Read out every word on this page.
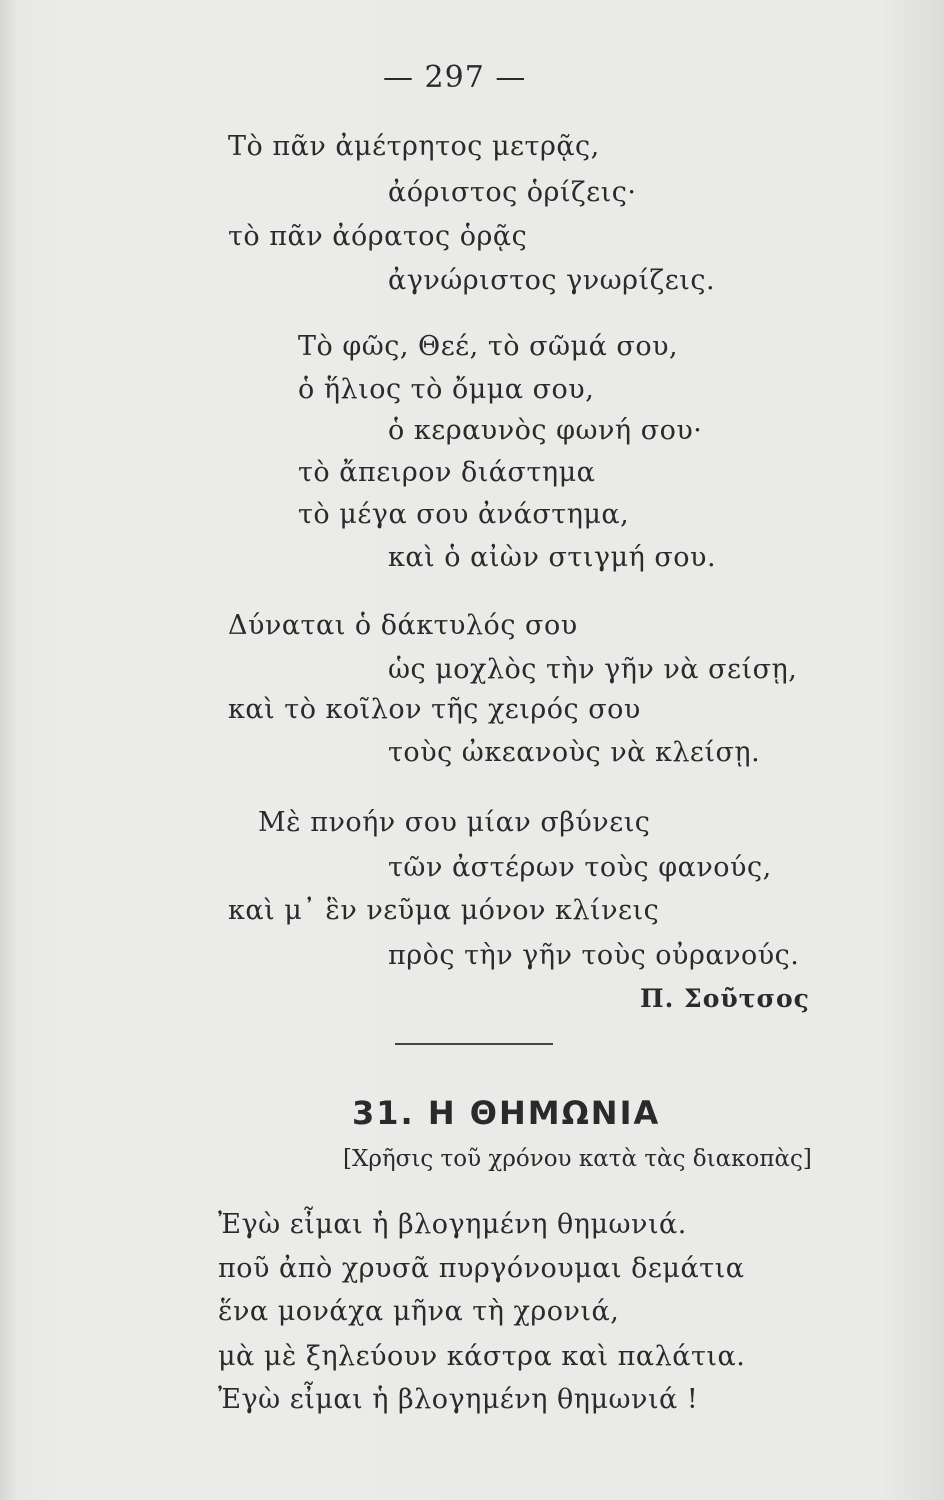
— 297 —
Τὸ πᾶν ἀμέτρητος μετρᾷς,
ἀόριστος ὁρίζεις·
τὸ πᾶν ἀόρατος ὁρᾷς
ἀγνώριστος γνωρίζεις.
Τὸ φῶς, Θεέ, τὸ σῶμά σου,
ὁ ἥλιος τὸ ὄμμα σου,
ὁ κεραυνὸς φωνή σου·
τὸ ἄπειρον διάστημα
τὸ μέγα σου ἀνάστημα,
καὶ ὁ αἰὼν στιγμή σου.
Δύναται ὁ δάκτυλός σου
ὡς μοχλὸς τὴν γῆν νὰ σείσῃ,
καὶ τὸ κοῖλον τῆς χειρός σου
τοὺς ὠκεανοὺς νὰ κλείσῃ.
Μὲ πνοήν σου μίαν σβύνεις
τῶν ἀστέρων τοὺς φανούς,
καὶ μ᾽ ἓν νεῦμα μόνον κλίνεις
πρὸς τὴν γῆν τοὺς οὐρανούς.
Π. Σοῦτσος
31. Η ΘΗΜΩΝΙΑ
[Χρῆσις τοῦ χρόνου κατὰ τὰς διακοπὰς]
Ἐγὼ εἶμαι ἡ βλογημένη θημωνιά.
ποῦ ἀπὸ χρυσᾶ πυργόνουμαι δεμάτια
ἕνα μονάχα μῆνα τὴ χρονιά,
μὰ μὲ ξηλεύουν κάστρα καὶ παλάτια.
Ἐγὼ εἶμαι ἡ βλογημένη θημωνιά !
